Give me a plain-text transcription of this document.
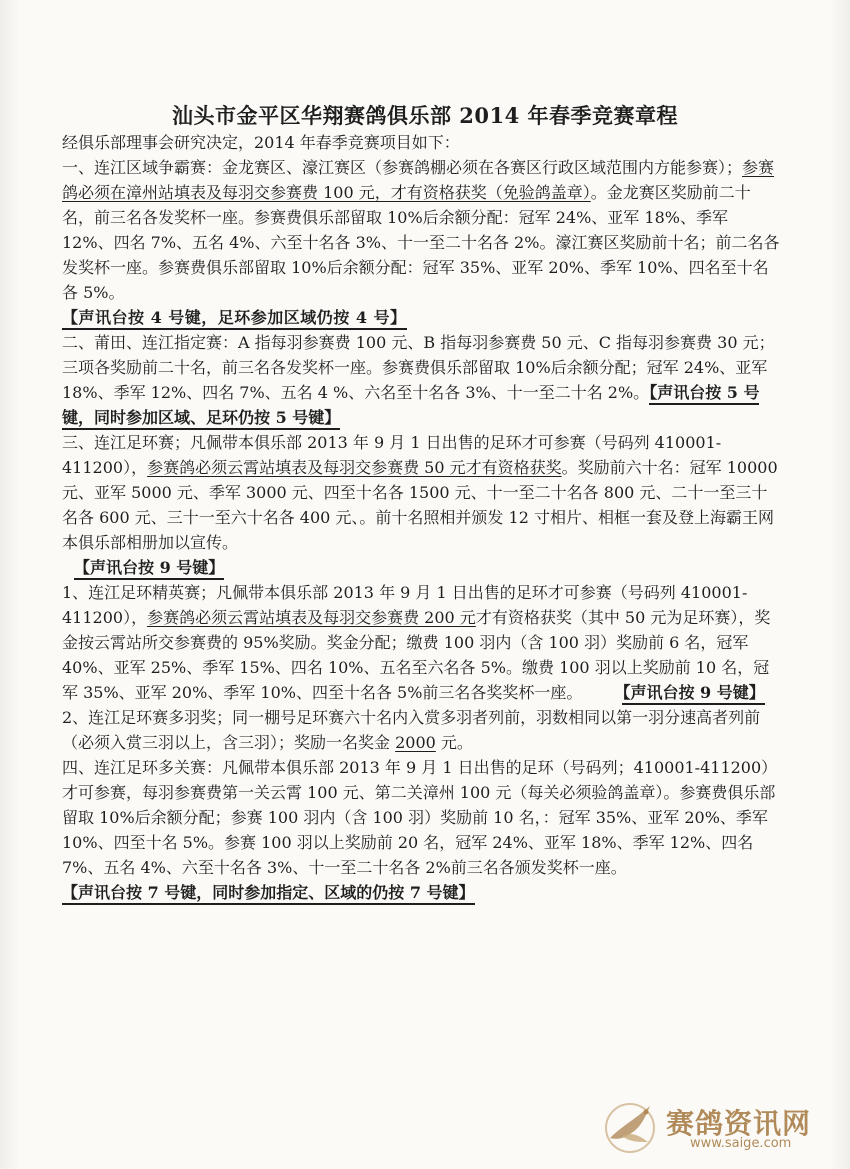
汕头市金平区华翔赛鸽俱乐部 2014 年春季竞赛章程

经俱乐部理事会研究决定，2014 年春季竞赛项目如下：

一、连江区域争霸赛：金龙赛区、濠江赛区（参赛鸽棚必须在各赛区行政区域范围内方能参赛）；参赛鸽必须在漳州站填表及每羽交参赛费 100 元，才有资格获奖（免验鸽盖章）。金龙赛区奖励前二十名，前三名各发奖杯一座。参赛费俱乐部留取 10%后余额分配：冠军 24%、亚军 18%、季军 12%、四名 7%、五名 4%、六至十名各 3%、十一至二十名各 2%。濠江赛区奖励前十名；前二名各发奖杯一座。参赛费俱乐部留取 10%后余额分配：冠军 35%、亚军 20%、季军 10%、四名至十名各 5%。

【声讯台按 4 号键，足环参加区域仍按 4 号】

二、莆田、连江指定赛：A 指每羽参赛费 100 元、B 指每羽参赛费 50 元、C 指每羽参赛费 30 元；三项各奖励前二十名，前三名各发奖杯一座。参赛费俱乐部留取 10%后余额分配；冠军 24%、亚军 18%、季军 12%、四名 7%、五名 4 %、六名至十名各 3%、十一至二十名 2%。【声讯台按 5 号键，同时参加区域、足环仍按 5 号键】

三、连江足环赛；凡佩带本俱乐部 2013 年 9 月 1 日出售的足环才可参赛（号码列 410001-411200），参赛鸽必须云霄站填表及每羽交参赛费 50 元才有资格获奖。奖励前六十名：冠军 10000 元、亚军 5000 元、季军 3000 元、四至十名各 1500 元、十一至二十名各 800 元、二十一至三十名各 600 元、三十一至六十名各 400 元、。前十名照相并颁发 12 寸相片、相框一套及登上海霸王网本俱乐部相册加以宣传。

【声讯台按 9 号键】

1、连江足环精英赛；凡佩带本俱乐部 2013 年 9 月 1 日出售的足环才可参赛（号码列 410001-411200），参赛鸽必须云霄站填表及每羽交参赛费 200 元才有资格获奖（其中 50 元为足环赛），奖金按云霄站所交参赛费的 95%奖励。奖金分配；缴费 100 羽内（含 100 羽）奖励前 6 名，冠军 40%、亚军 25%、季军 15%、四名 10%、五名至六名各 5%。缴费 100 羽以上奖励前 10 名，冠军 35%、亚军 20%、季军 10%、四至十名各 5%前三名各奖奖杯一座。　　　	【声讯台按 9 号键】

2、连江足环赛多羽奖；同一棚号足环赛六十名内入赏多羽者列前，羽数相同以第一羽分速高者列前（必须入赏三羽以上，含三羽）；奖励一名奖金 2000 元。

四、连江足环多关赛：凡佩带本俱乐部 2013 年 9 月 1 日出售的足环（号码列；410001-411200）才可参赛，每羽参赛费第一关云霄 100 元、第二关漳州 100 元（每关必须验鸽盖章）。参赛费俱乐部留取 10%后余额分配；参赛 100 羽内（含 100 羽）奖励前 10 名，：冠军 35%、亚军 20%、季军 10%、四至十名 5%。参赛 100 羽以上奖励前 20 名，冠军 24%、亚军 18%、季军 12%、四名 7%、五名 4%、六至十名各 3%、十一至二十名各 2%前三名各颁发奖杯一座。

【声讯台按 7 号键，同时参加指定、区域的仍按 7 号键】

赛鸽资讯网
www.saige.com
